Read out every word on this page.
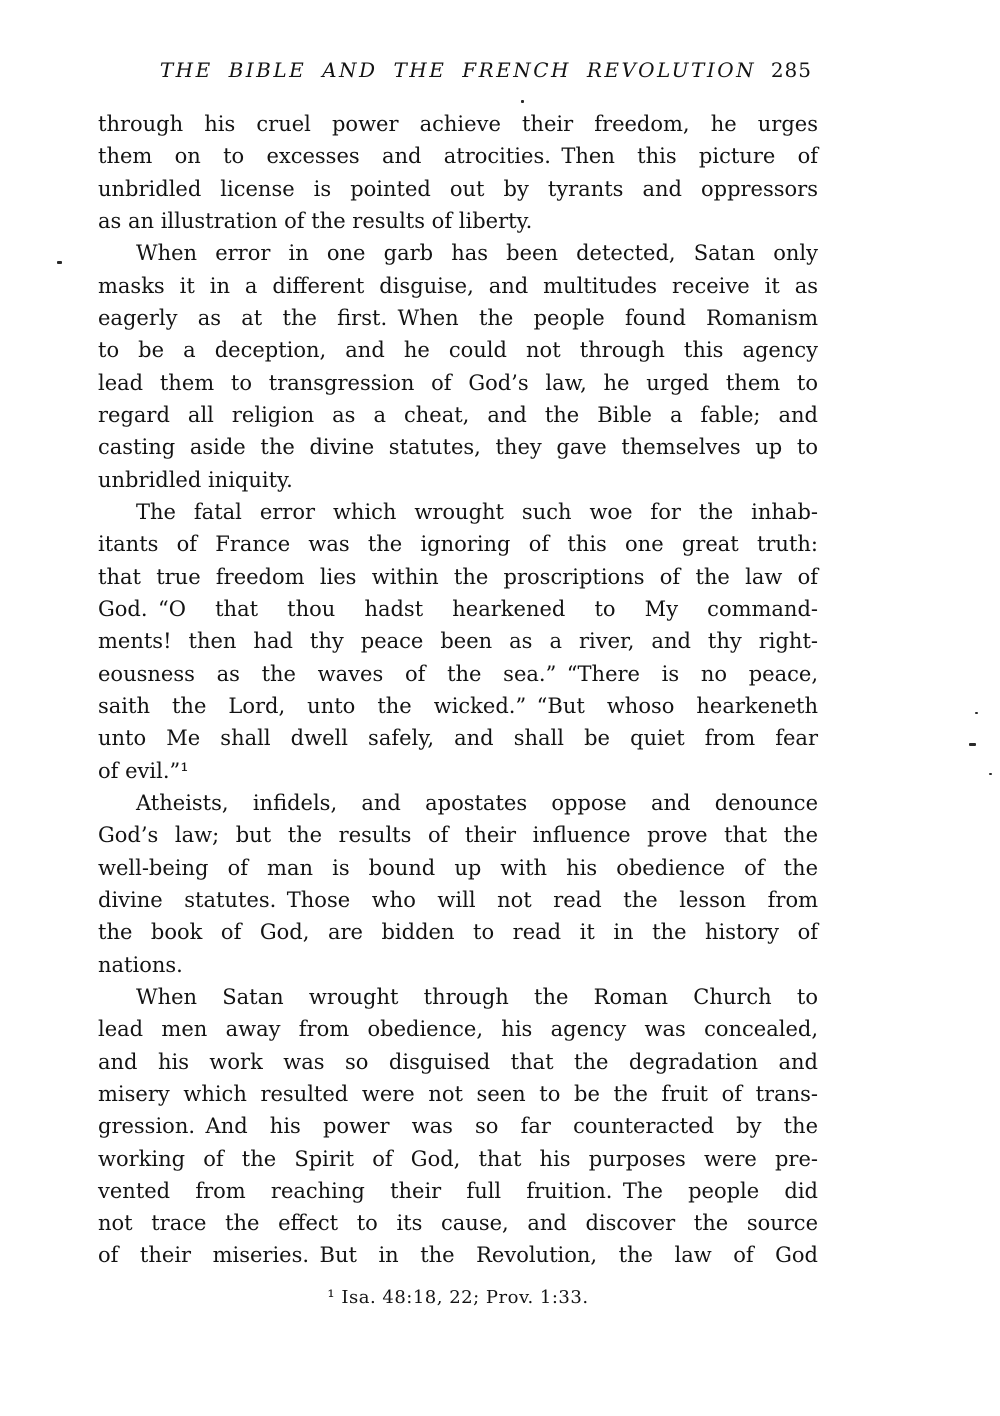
THE BIBLE AND THE FRENCH REVOLUTION 285
through his cruel power achieve their freedom, he urges
them on to excesses and atrocities. Then this picture of
unbridled license is pointed out by tyrants and oppressors
as an illustration of the results of liberty.
When error in one garb has been detected, Satan only
masks it in a different disguise, and multitudes receive it as
eagerly as at the first. When the people found Romanism
to be a deception, and he could not through this agency
lead them to transgression of God’s law, he urged them to
regard all religion as a cheat, and the Bible a fable; and
casting aside the divine statutes, they gave themselves up to
unbridled iniquity.
The fatal error which wrought such woe for the inhab-
itants of France was the ignoring of this one great truth:
that true freedom lies within the proscriptions of the law of
God. “O that thou hadst hearkened to My command-
ments! then had thy peace been as a river, and thy right-
eousness as the waves of the sea.” “There is no peace,
saith the Lord, unto the wicked.” “But whoso hearkeneth
unto Me shall dwell safely, and shall be quiet from fear
of evil.”¹
Atheists, infidels, and apostates oppose and denounce
God’s law; but the results of their influence prove that the
well-being of man is bound up with his obedience of the
divine statutes. Those who will not read the lesson from
the book of God, are bidden to read it in the history of
nations.
When Satan wrought through the Roman Church to
lead men away from obedience, his agency was concealed,
and his work was so disguised that the degradation and
misery which resulted were not seen to be the fruit of trans-
gression. And his power was so far counteracted by the
working of the Spirit of God, that his purposes were pre-
vented from reaching their full fruition. The people did
not trace the effect to its cause, and discover the source
of their miseries. But in the Revolution, the law of God
¹ Isa. 48:18, 22; Prov. 1:33.
